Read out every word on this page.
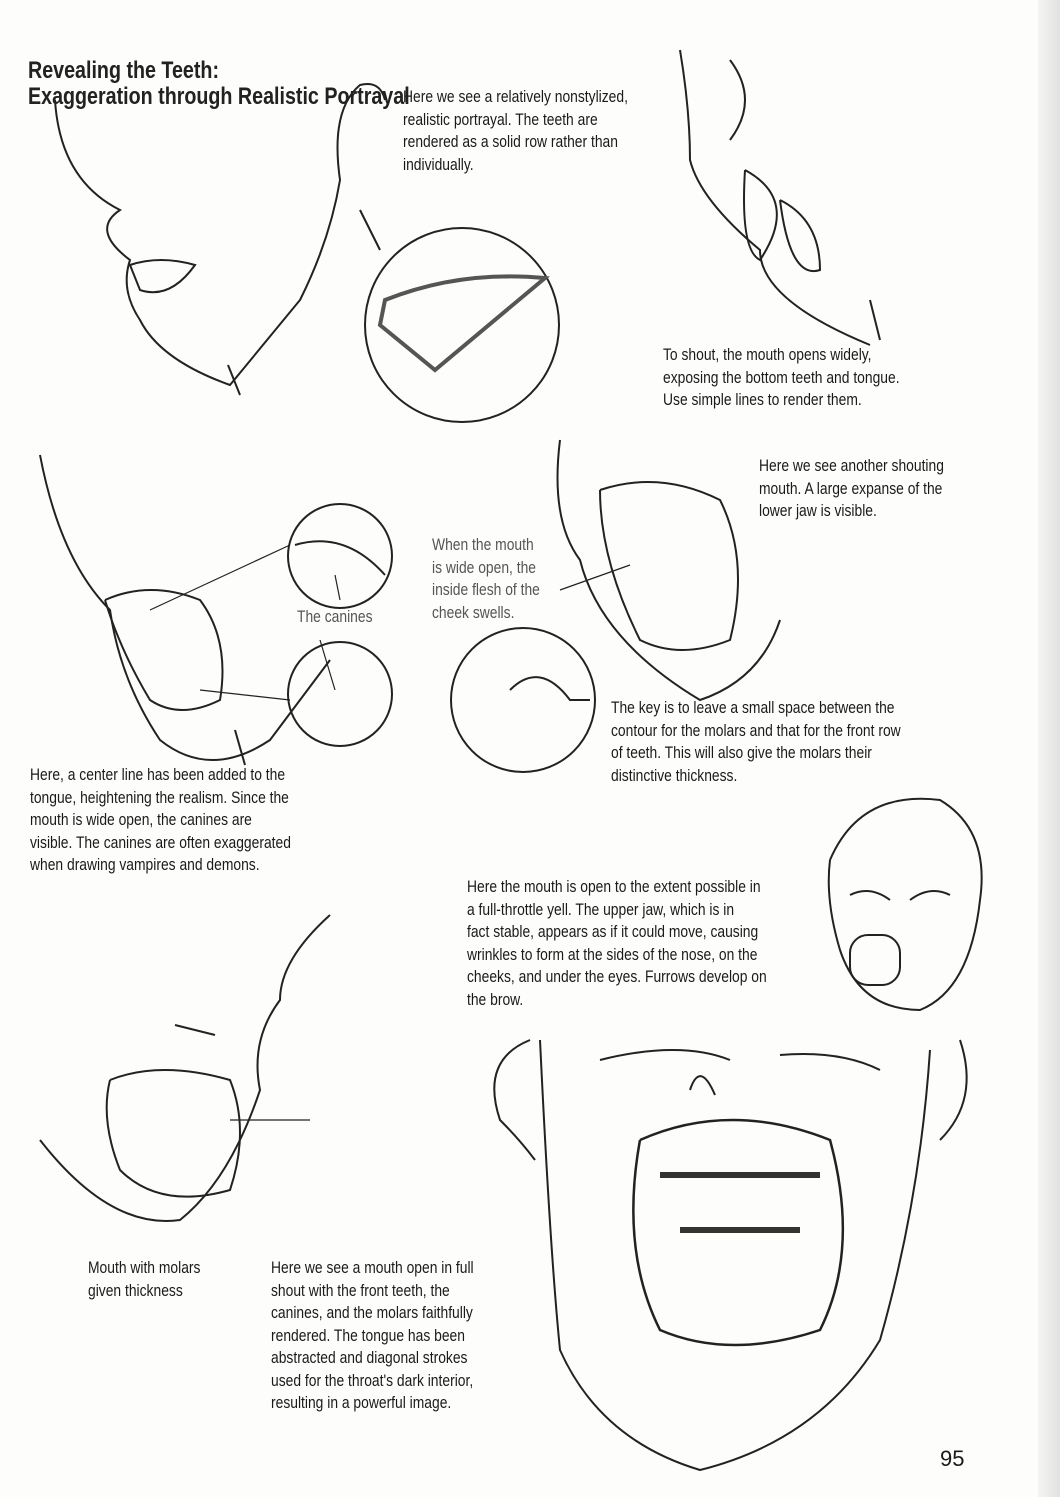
Revealing the Teeth:
Exaggeration through Realistic Portrayal
Here we see a relatively nonstylized,
realistic portrayal. The teeth are
rendered as a solid row rather than
individually.
To shout, the mouth opens widely,
exposing the bottom teeth and tongue.
Use simple lines to render them.
Here we see another shouting
mouth. A large expanse of the
lower jaw is visible.
The canines
When the mouth
is wide open, the
inside flesh of the
cheek swells.
The key is to leave a small space between the
contour for the molars and that for the front row
of teeth. This will also give the molars their
distinctive thickness.
Here, a center line has been added to the
tongue, heightening the realism. Since the
mouth is wide open, the canines are
visible. The canines are often exaggerated
when drawing vampires and demons.
Here the mouth is open to the extent possible in
a full-throttle yell. The upper jaw, which is in
fact stable, appears as if it could move, causing
wrinkles to form at the sides of the nose, on the
cheeks, and under the eyes. Furrows develop on
the brow.
Mouth with molars
given thickness
Here we see a mouth open in full
shout with the front teeth, the
canines, and the molars faithfully
rendered. The tongue has been
abstracted and diagonal strokes
used for the throat's dark interior,
resulting in a powerful image.
95
